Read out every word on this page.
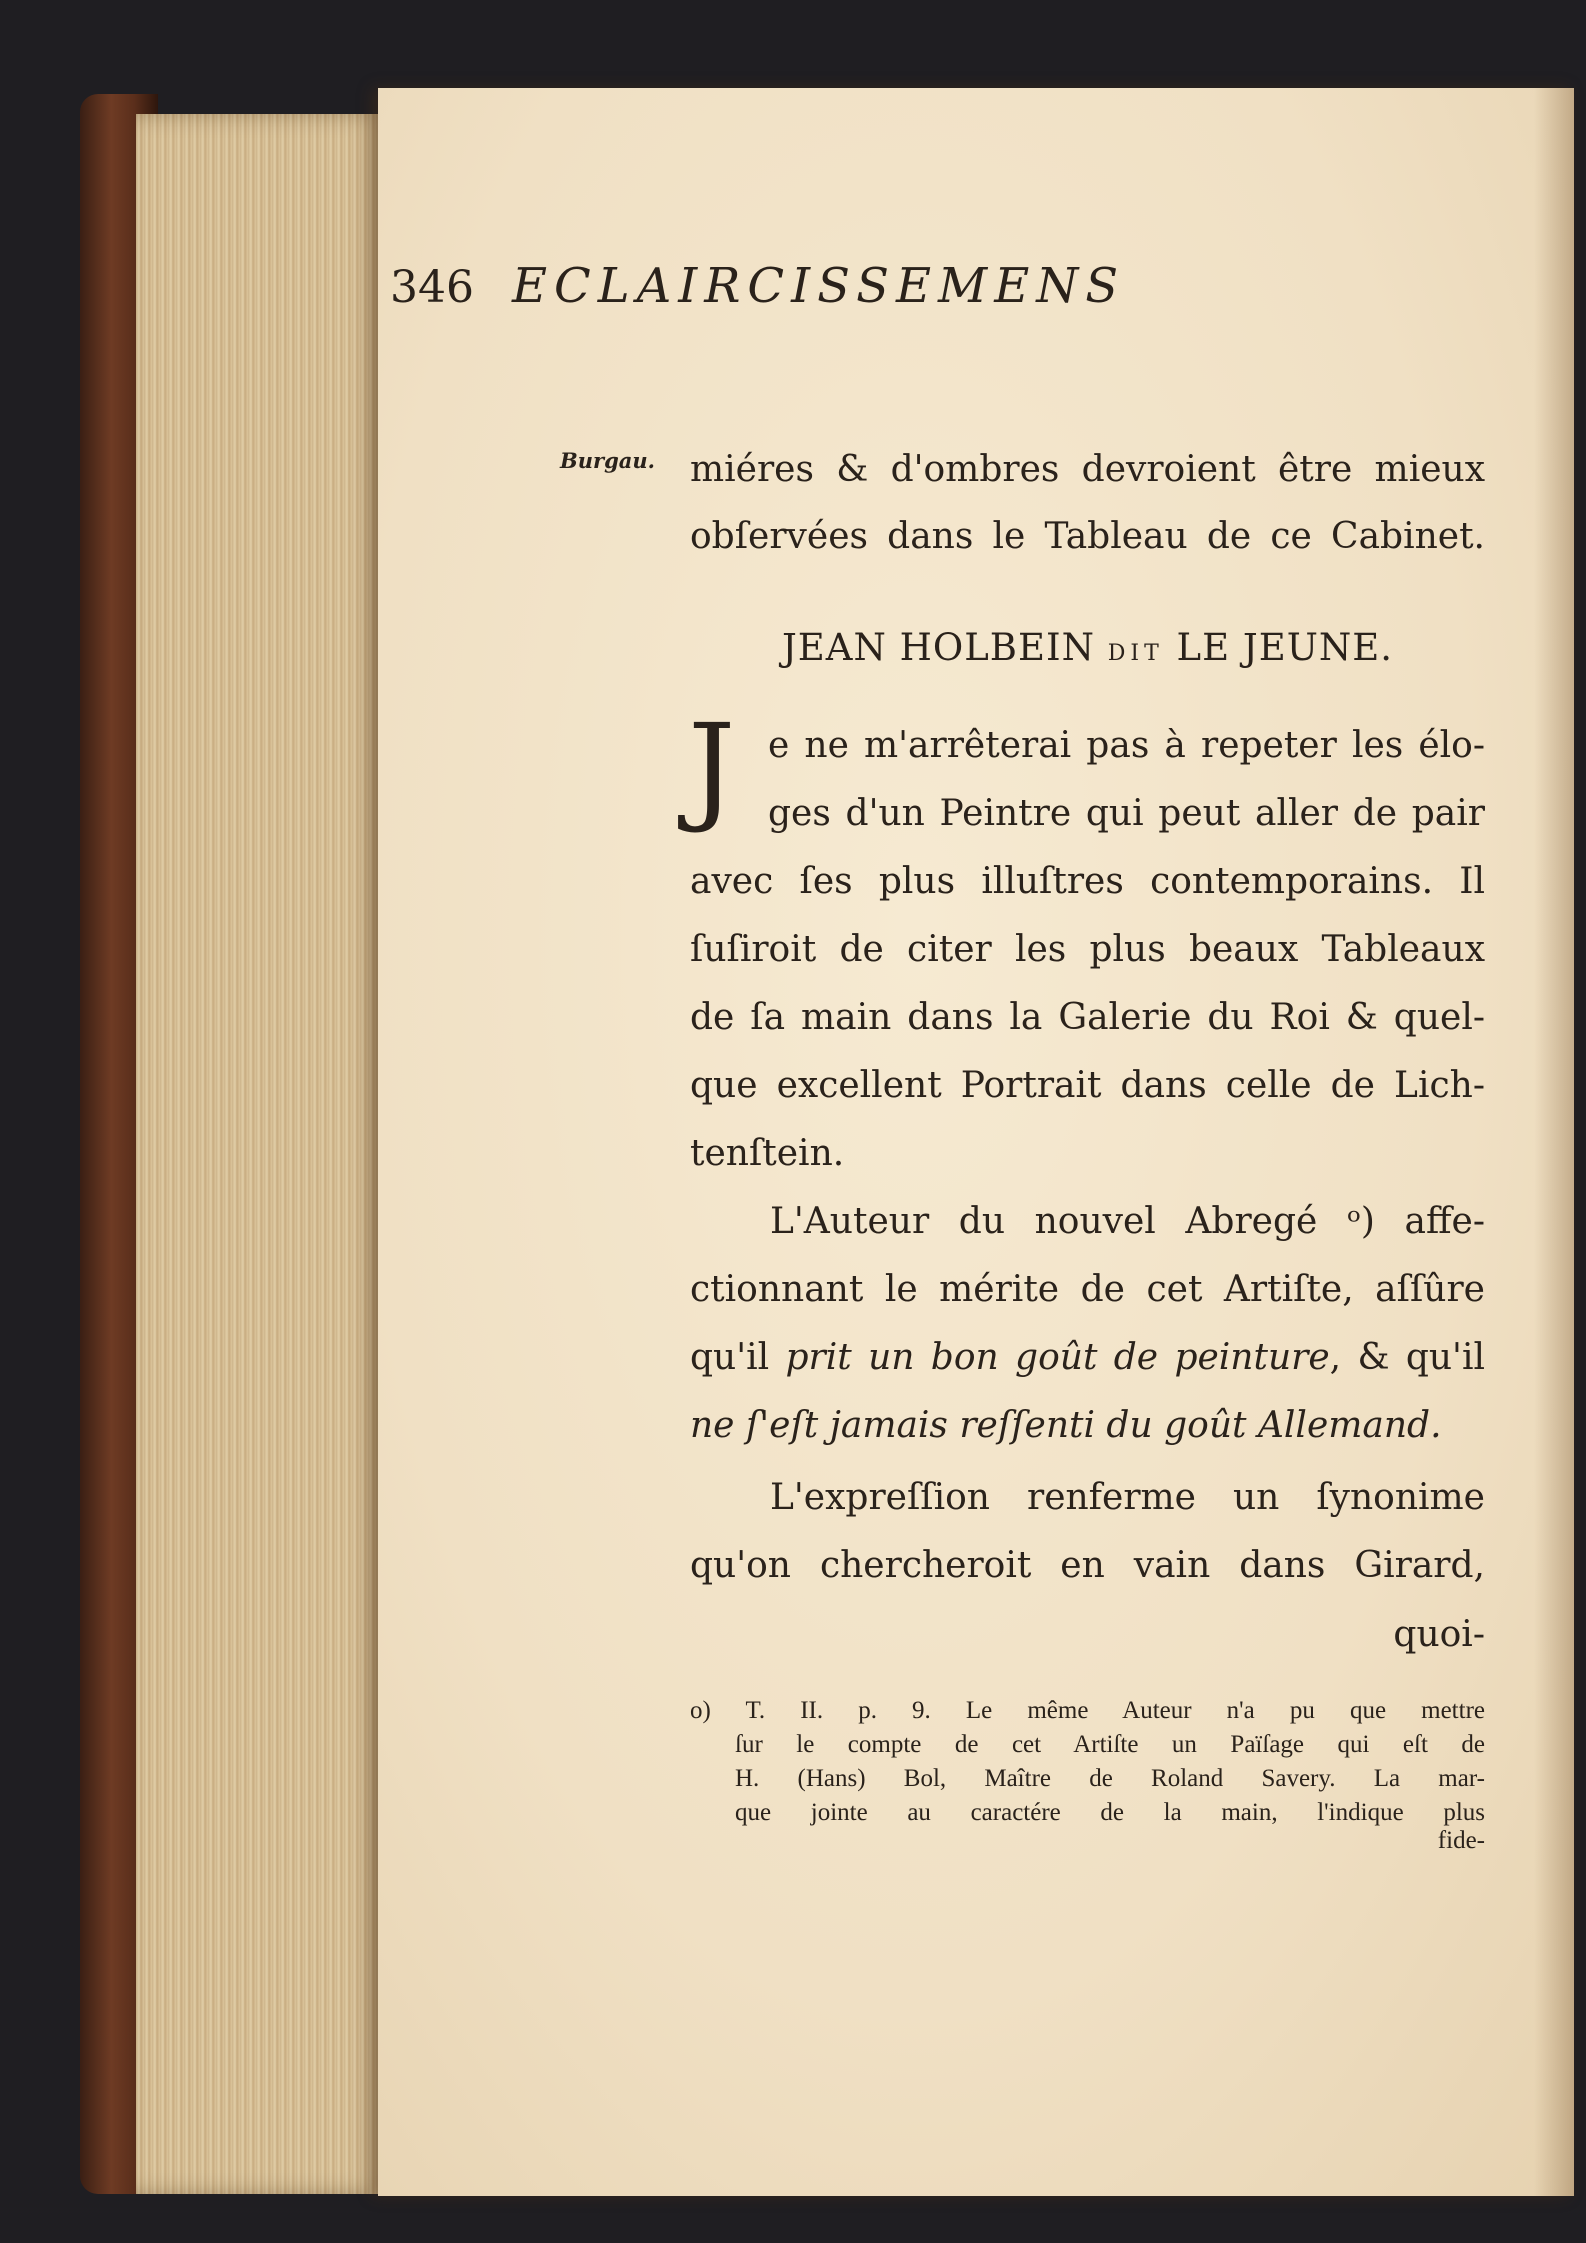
346 ECLAIRCISSEMENS
Burgau. miéres & d'ombres devroient être mieux
obſervées dans le Tableau de ce Cabinet.
JEAN HOLBEIN DIT LE JEUNE.
J e ne m'arrêterai pas à repeter les élo-
ges d'un Peintre qui peut aller de pair
avec ſes plus illuſtres contemporains. Il
ſuſiroit de citer les plus beaux Tableaux
de ſa main dans la Galerie du Roi & quel-
que excellent Portrait dans celle de Lich-
tenſtein.
L'Auteur du nouvel Abregé ᵒ) affe-
ctionnant le mérite de cet Artiſte, aſſûre
qu'il prit un bon goût de peinture, & qu'il
ne ſ'eſt jamais reſſenti du goût Allemand.
L'expreſſion renferme un ſynonime
qu'on chercheroit en vain dans Girard,
quoi-
o) T. II. p. 9. Le même Auteur n'a pu que mettre
ſur le compte de cet Artiſte un Païſage qui eſt de
H. (Hans) Bol, Maître de Roland Savery. La mar-
que jointe au caractére de la main, l'indique plus
fide-
